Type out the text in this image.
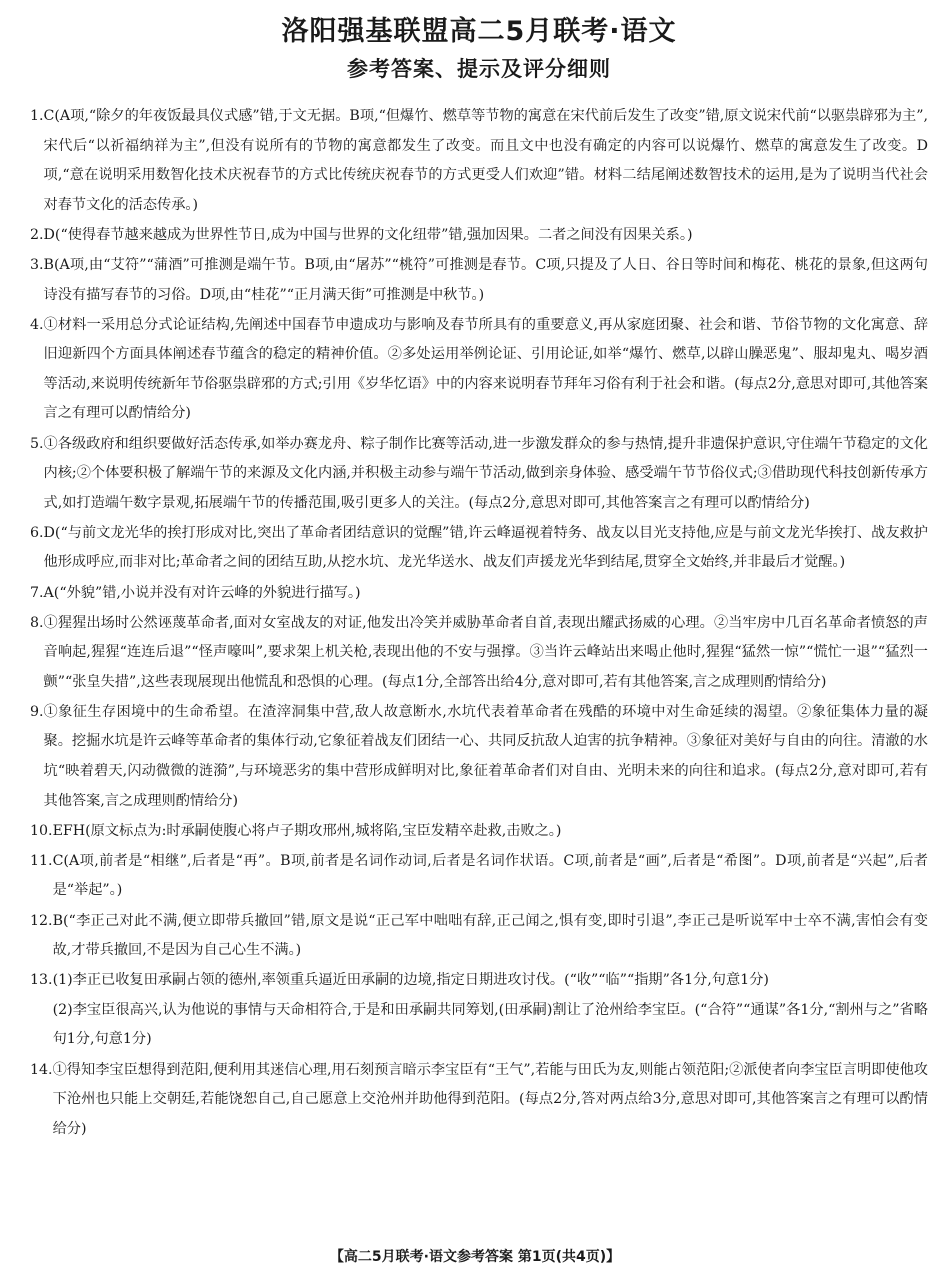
洛阳强基联盟高二5月联考·语文
参考答案、提示及评分细则
1. C(A项,“除夕的年夜饭最具仪式感”错,于文无据。B项,“但爆竹、燃草等节物的寓意在宋代前后发生了改变”错,原文说宋代前“以驱祟辟邪为主”,宋代后“以祈福纳祥为主”,但没有说所有的节物的寓意都发生了改变。而且文中也没有确定的内容可以说爆竹、燃草的寓意发生了改变。D项,“意在说明采用数智化技术庆祝春节的方式比传统庆祝春节的方式更受人们欢迎”错。材料二结尾阐述数智技术的运用,是为了说明当代社会对春节文化的活态传承。)
2. D(“使得春节越来越成为世界性节日,成为中国与世界的文化纽带”错,强加因果。二者之间没有因果关系。)
3. B(A项,由“艾符”“蒲酒”可推测是端午节。B项,由“屠苏”“桃符”可推测是春节。C项,只提及了人日、谷日等时间和梅花、桃花的景象,但这两句诗没有描写春节的习俗。D项,由“桂花”“正月满天街”可推测是中秋节。)
4. ①材料一采用总分式论证结构,先阐述中国春节申遗成功与影响及春节所具有的重要意义,再从家庭团聚、社会和谐、节俗节物的文化寓意、辞旧迎新四个方面具体阐述春节蕴含的稳定的精神价值。②多处运用举例论证、引用论证,如举“爆竹、燃草,以辟山臊恶鬼”、服却鬼丸、喝岁酒等活动,来说明传统新年节俗驱祟辟邪的方式;引用《岁华忆语》中的内容来说明春节拜年习俗有利于社会和谐。(每点2分,意思对即可,其他答案言之有理可以酌情给分)
5. ①各级政府和组织要做好活态传承,如举办赛龙舟、粽子制作比赛等活动,进一步激发群众的参与热情,提升非遗保护意识,守住端午节稳定的文化内核;②个体要积极了解端午节的来源及文化内涵,并积极主动参与端午节活动,做到亲身体验、感受端午节节俗仪式;③借助现代科技创新传承方式,如打造端午数字景观,拓展端午节的传播范围,吸引更多人的关注。(每点2分,意思对即可,其他答案言之有理可以酌情给分)
6. D(“与前文龙光华的挨打形成对比,突出了革命者团结意识的觉醒”错,许云峰逼视着特务、战友以目光支持他,应是与前文龙光华挨打、战友救护他形成呼应,而非对比;革命者之间的团结互助,从挖水坑、龙光华送水、战友们声援龙光华到结尾,贯穿全文始终,并非最后才觉醒。)
7. A(“外貌”错,小说并没有对许云峰的外貌进行描写。)
8. ①猩猩出场时公然诬蔑革命者,面对女室战友的对证,他发出冷笑并威胁革命者自首,表现出耀武扬威的心理。②当牢房中几百名革命者愤怒的声音响起,猩猩“连连后退”“怪声嚎叫”,要求架上机关枪,表现出他的不安与强撑。③当许云峰站出来喝止他时,猩猩“猛然一惊”“慌忙一退”“猛烈一颤”“张皇失措”,这些表现展现出他慌乱和恐惧的心理。(每点1分,全部答出给4分,意对即可,若有其他答案,言之成理则酌情给分)
9. ①象征生存困境中的生命希望。在渣滓洞集中营,敌人故意断水,水坑代表着革命者在残酷的环境中对生命延续的渴望。②象征集体力量的凝聚。挖掘水坑是许云峰等革命者的集体行动,它象征着战友们团结一心、共同反抗敌人迫害的抗争精神。③象征对美好与自由的向往。清澈的水坑“映着碧天,闪动微微的涟漪”,与环境恶劣的集中营形成鲜明对比,象征着革命者们对自由、光明未来的向往和追求。(每点2分,意对即可,若有其他答案,言之成理则酌情给分)
10. EFH(原文标点为:时承嗣使腹心将卢子期攻邢州,城将陷,宝臣发精卒赴救,击败之。)
11. C(A项,前者是“相继”,后者是“再”。B项,前者是名词作动词,后者是名词作状语。C项,前者是“画”,后者是“希图”。D项,前者是“兴起”,后者是“举起”。)
12. B(“李正己对此不满,便立即带兵撤回”错,原文是说“正己军中咄咄有辞,正己闻之,惧有变,即时引退”,李正己是听说军中士卒不满,害怕会有变故,才带兵撤回,不是因为自己心生不满。)
13. (1)李正已收复田承嗣占领的德州,率领重兵逼近田承嗣的边境,指定日期进攻讨伐。(“收”“临”“指期”各1分,句意1分)
(2)李宝臣很高兴,认为他说的事情与天命相符合,于是和田承嗣共同筹划,(田承嗣)割让了沧州给李宝臣。(“合符”“通谋”各1分,“割州与之”省略句1分,句意1分)
14. ①得知李宝臣想得到范阳,便利用其迷信心理,用石刻预言暗示李宝臣有“王气”,若能与田氏为友,则能占领范阳;②派使者向李宝臣言明即使他攻下沧州也只能上交朝廷,若能饶恕自己,自己愿意上交沧州并助他得到范阳。(每点2分,答对两点给3分,意思对即可,其他答案言之有理可以酌情给分)
【高二5月联考·语文参考答案 第1页(共4页)】
